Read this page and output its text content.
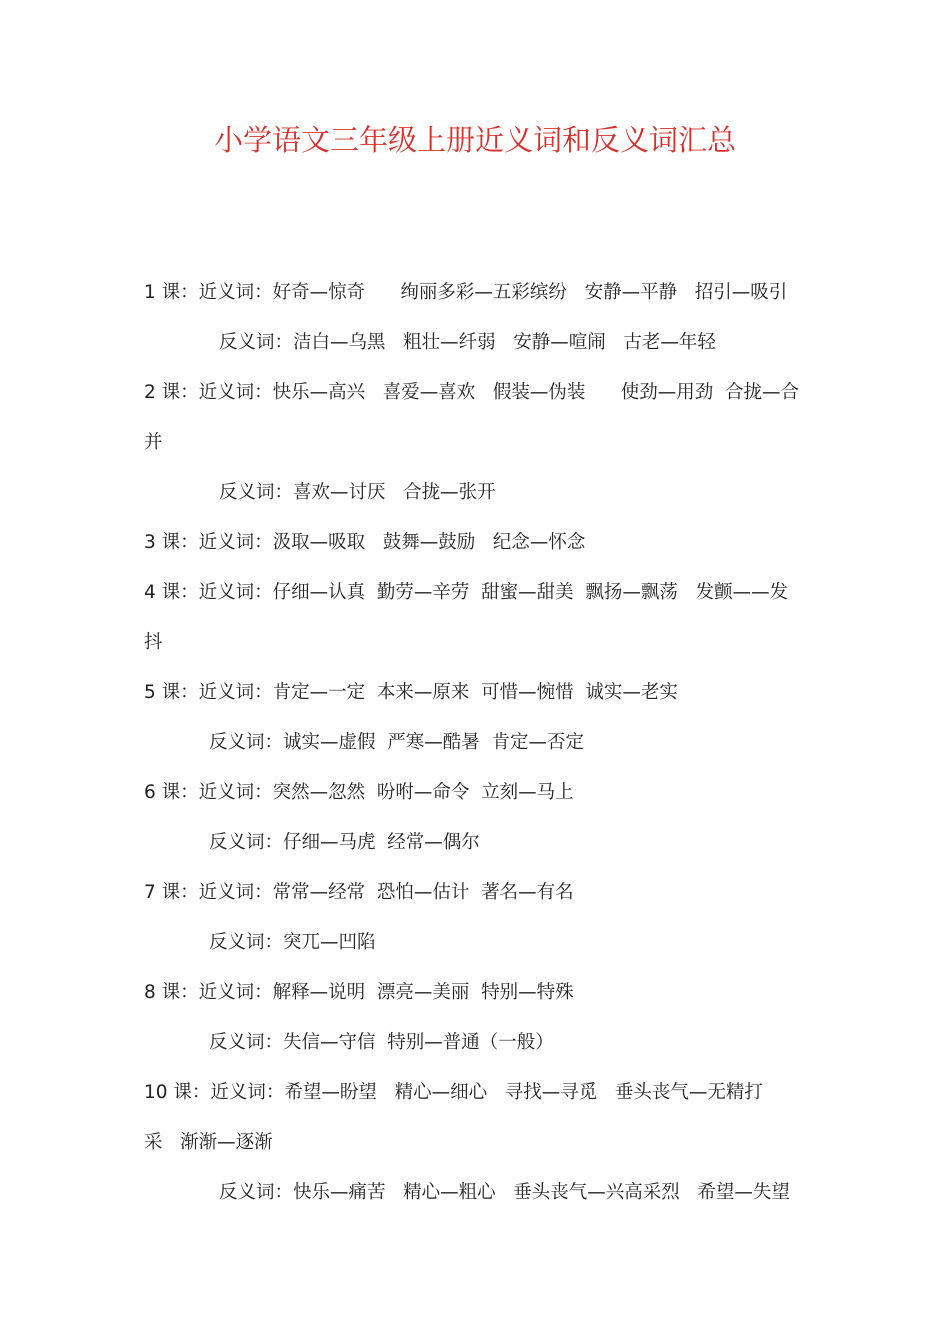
小学语文三年级上册近义词和反义词汇总
1 课：近义词：好奇—惊奇      绚丽多彩—五彩缤纷   安静—平静   招引—吸引
反义词：洁白—乌黑   粗壮—纤弱   安静—喧闹   古老—年轻
2 课：近义词：快乐—高兴   喜爱—喜欢   假装—伪装      使劲—用劲  合拢—合
并
反义词：喜欢—讨厌   合拢—张开
3 课：近义词：汲取—吸取   鼓舞—鼓励   纪念—怀念
4 课：近义词：仔细—认真  勤劳—辛劳  甜蜜—甜美  飘扬—飘荡   发颤——发
抖
5 课：近义词：肯定—一定  本来—原来  可惜—惋惜  诚实—老实
反义词：诚实—虚假  严寒—酷暑  肯定—否定
6 课：近义词：突然—忽然  吩咐—命令  立刻—马上
反义词：仔细—马虎  经常—偶尔
7 课：近义词：常常—经常  恐怕—估计  著名—有名
反义词：突兀—凹陷
8 课：近义词：解释—说明  漂亮—美丽  特别—特殊
反义词：失信—守信  特别—普通（一般）
10 课：近义词：希望—盼望   精心—细心   寻找—寻觅   垂头丧气—无精打
采   渐渐—逐渐
反义词：快乐—痛苦   精心—粗心   垂头丧气—兴高采烈   希望—失望
